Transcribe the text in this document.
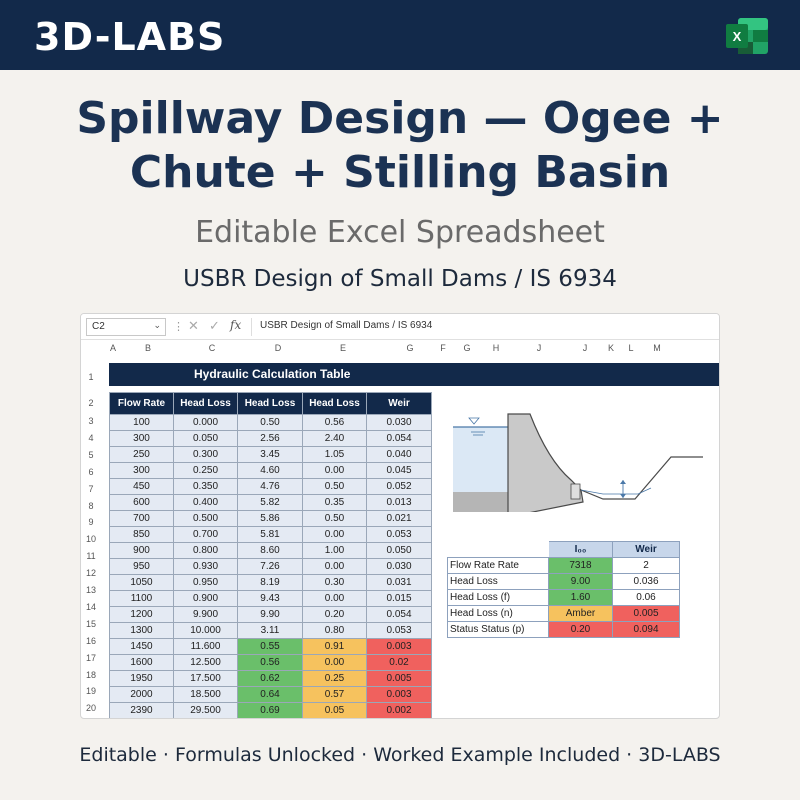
3D-LABS	X
Spillway Design — Ogee +
Chute + Stilling Basin
Editable Excel Spreadsheet
USBR Design of Small Dams / IS 6934
C2	⌄ ⋮ ✕ ✓ fx	USBR Design of Small Dams / IS 6934
A	B	C	D	E	G	F	G	H	J	J	K	L	M
1
2
3
4
5
6
7
8
9
10
11
12
13
14
15
16
17
18
19
20
Hydraulic Calculation Table
Flow Rate	Head Loss	Head Loss	Head Loss	Weir
100	0.000	0.50	0.56	0.030
300	0.050	2.56	2.40	0.054
250	0.300	3.45	1.05	0.040
300	0.250	4.60	0.00	0.045
450	0.350	4.76	0.50	0.052
600	0.400	5.82	0.35	0.013
700	0.500	5.86	0.50	0.021
850	0.700	5.81	0.00	0.053
900	0.800	8.60	1.00	0.050
950	0.930	7.26	0.00	0.030
1050	0.950	8.19	0.30	0.031
1100	0.900	9.43	0.00	0.015
1200	9.900	9.90	0.20	0.054
1300	10.000	3.11	0.80	0.053
1450	11.600	0.55	0.91	0.003
1600	12.500	0.56	0.00	0.02
1950	17.500	0.62	0.25	0.005
2000	18.500	0.64	0.57	0.003
2390	29.500	0.69	0.05	0.002
	I₀₀	Weir
Flow Rate Rate	7318	2
Head Loss	9.00	0.036
Head Loss (f)	1.60	0.06
Head Loss (n)	Amber	0.005
Status Status (p)	0.20	0.094
Editable · Formulas Unlocked · Worked Example Included · 3D-LABS
